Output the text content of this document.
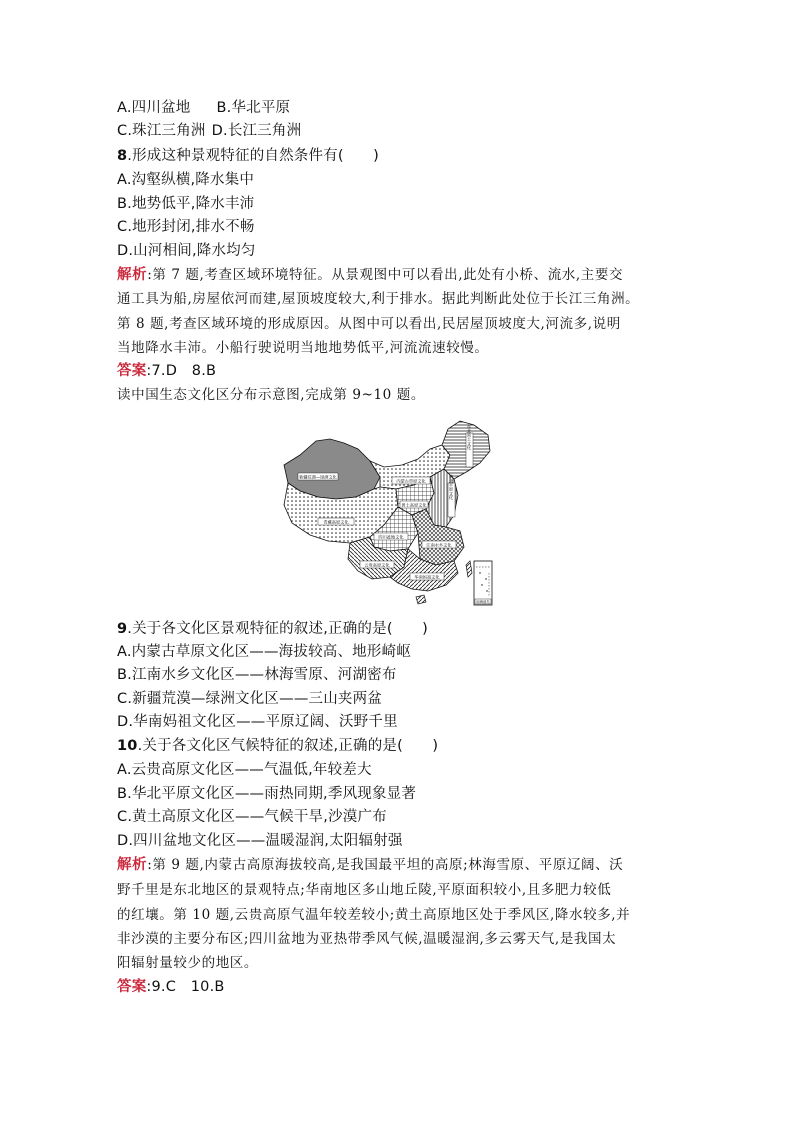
A.四川盆地 B.华北平原
C.珠江三角洲 D.长江三角洲
8.形成这种景观特征的自然条件有(　　)
A.沟壑纵横,降水集中
B.地势低平,降水丰沛
C.地形封闭,排水不畅
D.山河相间,降水均匀
解析:第 7 题,考查区域环境特征。从景观图中可以看出,此处有小桥、流水,主要交
通工具为船,房屋依河而建,屋顶坡度较大,利于排水。据此判断此处位于长江三角洲。
第 8 题,考查区域环境的形成原因。从图中可以看出,民居屋顶坡度大,河流多,说明
当地降水丰沛。小船行驶说明当地地势低平,河流流速较慢。
答案:7.D　8.B
读中国生态文化区分布示意图,完成第 9~10 题。
南海诸岛
新疆荒漠—绿洲文化
内蒙古草原文化
东北黑土文化
黄土高原文化
华北平原文化
青藏高原文化
四川盆地文化
江南水乡文化
云贵高原文化
华南妈祖文化
9.关于各文化区景观特征的叙述,正确的是(　　)
A.内蒙古草原文化区——海拔较高、地形崎岖
B.江南水乡文化区——林海雪原、河湖密布
C.新疆荒漠—绿洲文化区——三山夹两盆
D.华南妈祖文化区——平原辽阔、沃野千里
10.关于各文化区气候特征的叙述,正确的是(　　)
A.云贵高原文化区——气温低,年较差大
B.华北平原文化区——雨热同期,季风现象显著
C.黄土高原文化区——气候干旱,沙漠广布
D.四川盆地文化区——温暖湿润,太阳辐射强
解析:第 9 题,内蒙古高原海拔较高,是我国最平坦的高原;林海雪原、平原辽阔、沃
野千里是东北地区的景观特点;华南地区多山地丘陵,平原面积较小,且多肥力较低
的红壤。第 10 题,云贵高原气温年较差较小;黄土高原地区处于季风区,降水较多,并
非沙漠的主要分布区;四川盆地为亚热带季风气候,温暖湿润,多云雾天气,是我国太
阳辐射量较少的地区。
答案:9.C　10.B
